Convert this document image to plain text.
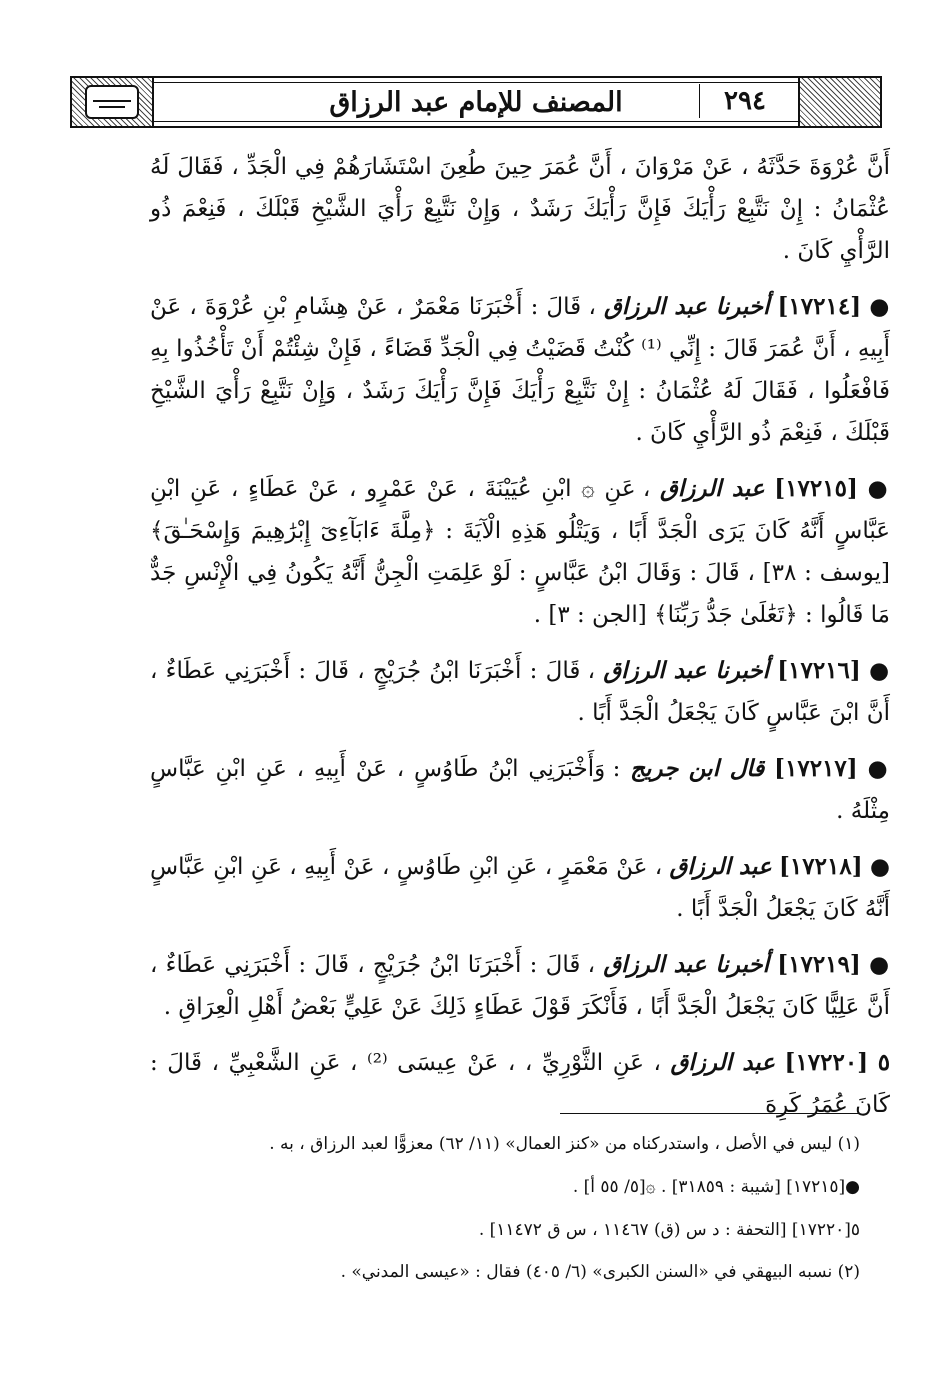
المصنف للإمام عبد الرزاق	٢٩٤

أَنَّ عُرْوَةَ حَدَّثَهُ ، عَنْ مَرْوَانَ ، أَنَّ عُمَرَ حِينَ طُعِنَ اسْتَشَارَهُمْ فِي الْجَدِّ ، فَقَالَ لَهُ عُثْمَانُ : إِنْ نَتَّبِعْ رَأْيَكَ فَإِنَّ رَأْيَكَ رَشَدٌ ، وَإِنْ نَتَّبِعْ رَأْيَ الشَّيْخِ قَبْلَكَ ، فَنِعْمَ ذُو الرَّأْيِ كَانَ .

● [١٧٢١٤] أخبرنا عبد الرزاق ، قَالَ : أَخْبَرَنَا مَعْمَرٌ ، عَنْ هِشَامِ بْنِ عُرْوَةَ ، عَنْ أَبِيهِ ، أَنَّ عُمَرَ قَالَ : إِنِّي ⁽¹⁾ كُنْتُ قَضَيْتُ فِي الْجَدِّ قَضَاءً ، فَإِنْ شِئْتُمْ أَنْ تَأْخُذُوا بِهِ فَافْعَلُوا ، فَقَالَ لَهُ عُثْمَانُ : إِنْ نَتَّبِعْ رَأْيَكَ فَإِنَّ رَأْيَكَ رَشَدٌ ، وَإِنْ نَتَّبِعْ رَأْيَ الشَّيْخِ قَبْلَكَ ، فَنِعْمَ ذُو الرَّأْيِ كَانَ .

● [١٧٢١٥] عبد الرزاق ، عَنِ ۞ ابْنِ عُيَيْنَةَ ، عَنْ عَمْرٍو ، عَنْ عَطَاءٍ ، عَنِ ابْنِ عَبَّاسٍ أَنَّهُ كَانَ يَرَى الْجَدَّ أَبًا ، وَيَتْلُو هَذِهِ الْآيَةَ : ﴿مِلَّةَ ءَابَآءِىٓ إِبْرَٰهِيمَ وَإِسْحَـٰقَ﴾ [يوسف : ٣٨] ، قَالَ : وَقَالَ ابْنُ عَبَّاسٍ : لَوْ عَلِمَتِ الْجِنُّ أَنَّهُ يَكُونُ فِي الْإِنْسِ جَدٌّ مَا قَالُوا : ﴿تَعَٰلَىٰ جَدُّ رَبِّنَا﴾ [الجن : ٣] .

● [١٧٢١٦] أخبرنا عبد الرزاق ، قَالَ : أَخْبَرَنَا ابْنُ جُرَيْجٍ ، قَالَ : أَخْبَرَنِي عَطَاءٌ ، أَنَّ ابْنَ عَبَّاسٍ كَانَ يَجْعَلُ الْجَدَّ أَبًا .

● [١٧٢١٧] قال ابن جريج : وَأَخْبَرَنِي ابْنُ طَاوُسٍ ، عَنْ أَبِيهِ ، عَنِ ابْنِ عَبَّاسٍ مِثْلَهُ .

● [١٧٢١٨] عبد الرزاق ، عَنْ مَعْمَرٍ ، عَنِ ابْنِ طَاوُسٍ ، عَنْ أَبِيهِ ، عَنِ ابْنِ عَبَّاسٍ أَنَّهُ كَانَ يَجْعَلُ الْجَدَّ أَبًا .

● [١٧٢١٩] أخبرنا عبد الرزاق ، قَالَ : أَخْبَرَنَا ابْنُ جُرَيْجٍ ، قَالَ : أَخْبَرَنِي عَطَاءٌ ، أَنَّ عَلِيًّا كَانَ يَجْعَلُ الْجَدَّ أَبًا ، فَأَنْكَرَ قَوْلَ عَطَاءٍ ذَلِكَ عَنْ عَلِيٍّ بَعْضُ أَهْلِ الْعِرَاقِ .

٥ [١٧٢٢٠] عبد الرزاق ، عَنِ الثَّوْرِيِّ ، ، عَنْ عِيسَى ⁽²⁾ ، عَنِ الشَّعْبِيِّ ، قَالَ : كَانَ عُمَرُ كَرِهَ

(١) ليس في الأصل ، واستدركناه من «كنز العمال» (١١/ ٦٢) معزوًّا لعبد الرزاق ، به .
●[١٧٢١٥] [شيبة : ٣١٨٥٩] . ۞[٥/ ٥٥ أ] .
٥[١٧٢٢٠] [التحفة : د س (ق) ١١٤٦٧ ، س ق ١١٤٧٢] .
(٢) نسبه البيهقي في «السنن الكبرى» (٦/ ٤٠٥) فقال : «عيسى المدني» .
